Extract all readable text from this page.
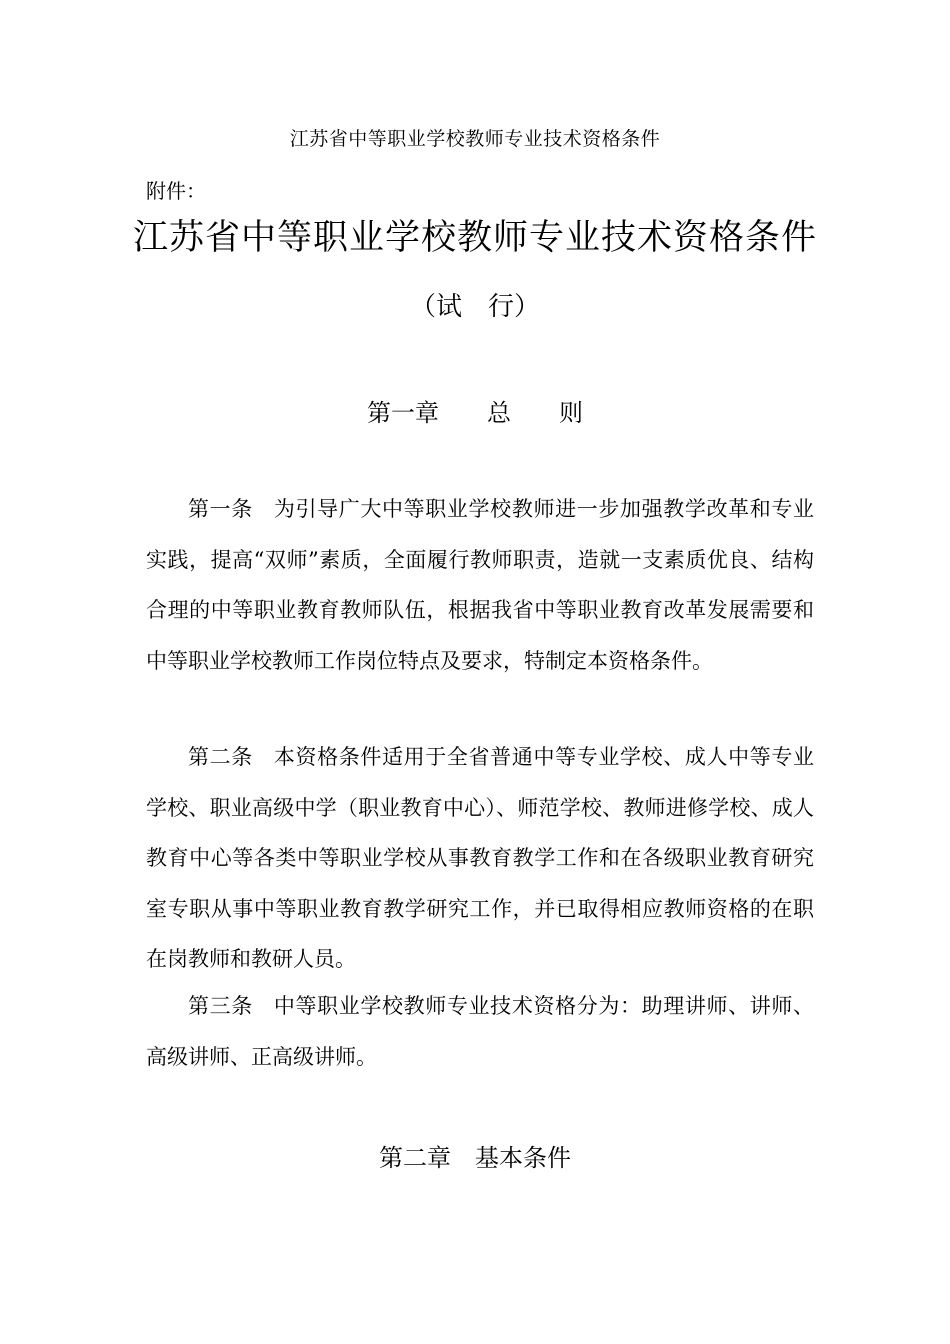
江苏省中等职业学校教师专业技术资格条件
附件：
江苏省中等职业学校教师专业技术资格条件
（试　行）
第一章　　总　　则

第一条 为引导广大中等职业学校教师进一步加强教学改革和专业实践，提高“双师”素质，全面履行教师职责，造就一支素质优良、结构合理的中等职业教育教师队伍，根据我省中等职业教育改革发展需要和中等职业学校教师工作岗位特点及要求，特制定本资格条件。

第二条 本资格条件适用于全省普通中等专业学校、成人中等专业学校、职业高级中学（职业教育中心）、师范学校、教师进修学校、成人教育中心等各类中等职业学校从事教育教学工作和在各级职业教育研究室专职从事中等职业教育教学研究工作，并已取得相应教师资格的在职在岗教师和教研人员。

第三条 中等职业学校教师专业技术资格分为：助理讲师、讲师、高级讲师、正高级讲师。

第二章　基本条件
